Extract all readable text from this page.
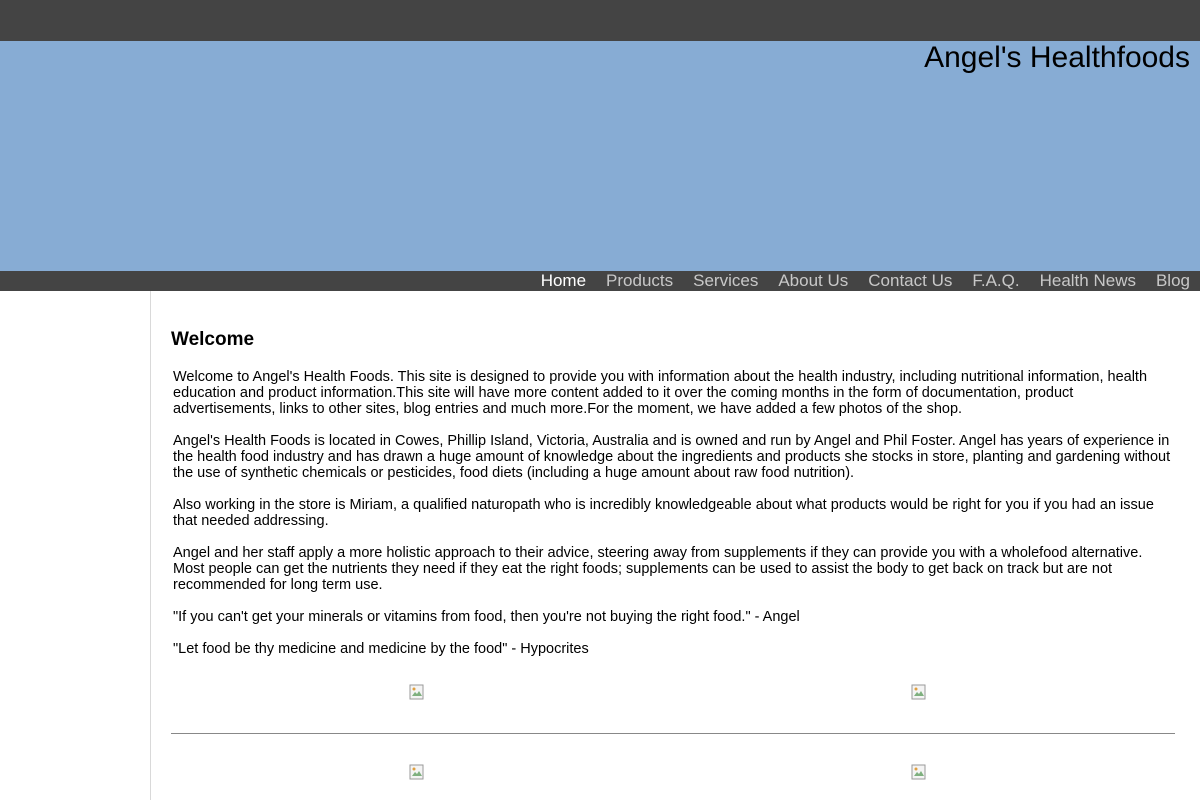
Angel's Healthfoods
Home Products Services About Us Contact Us F.A.Q. Health News Blog
Welcome

Welcome to Angel's Health Foods. This site is designed to provide you with information about the health industry, including nutritional information, health education and product information.This site will have more content added to it over the coming months in the form of documentation, product advertisements, links to other sites, blog entries and much more.For the moment, we have added a few photos of the shop.

Angel's Health Foods is located in Cowes, Phillip Island, Victoria, Australia and is owned and run by Angel and Phil Foster. Angel has years of experience in the health food industry and has drawn a huge amount of knowledge about the ingredients and products she stocks in store, planting and gardening without the use of synthetic chemicals or pesticides, food diets (including a huge amount about raw food nutrition).

Also working in the store is Miriam, a qualified naturopath who is incredibly knowledgeable about what products would be right for you if you had an issue that needed addressing.

Angel and her staff apply a more holistic approach to their advice, steering away from supplements if they can provide you with a wholefood alternative. Most people can get the nutrients they need if they eat the right foods; supplements can be used to assist the body to get back on track but are not recommended for long term use.

"If you can't get your minerals or vitamins from food, then you're not buying the right food." - Angel

"Let food be thy medicine and medicine by the food" - Hypocrites
